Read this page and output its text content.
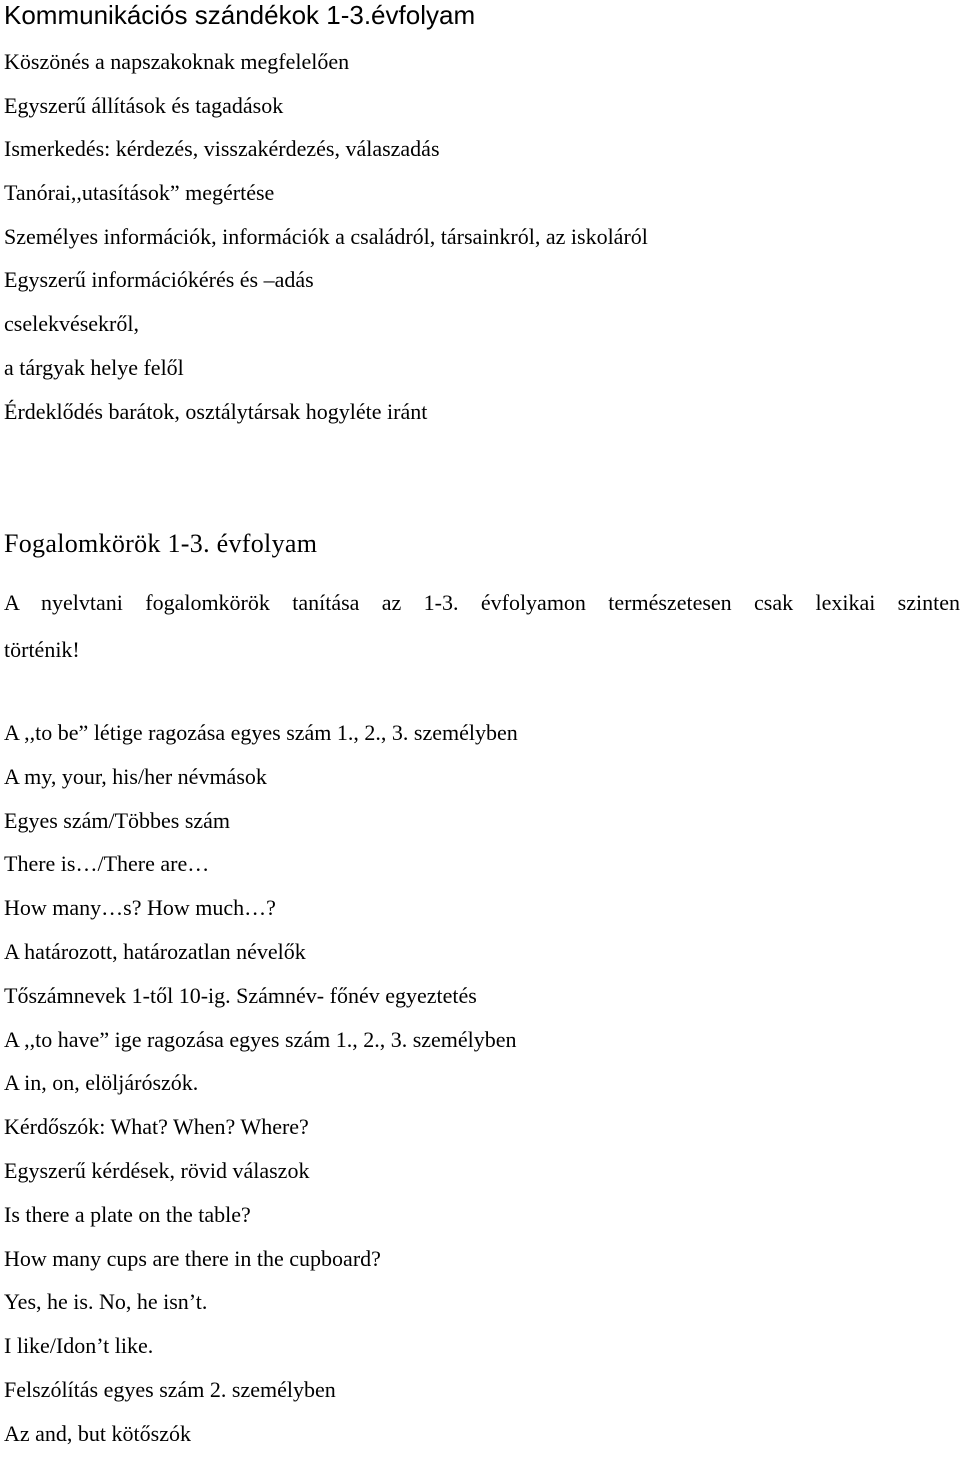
Kommunikációs szándékok 1-3.évfolyam
Köszönés a napszakoknak megfelelően
Egyszerű állítások és tagadások
Ismerkedés: kérdezés, visszakérdezés, válaszadás
Tanórai,,utasítások” megértése
Személyes információk, információk a családról, társainkról, az iskoláról
Egyszerű információkérés és –adás
cselekvésekről,
a tárgyak helye felől
Érdeklődés barátok, osztálytársak hogyléte iránt
Fogalomkörök 1-3. évfolyam

A nyelvtani fogalomkörök tanítása az 1-3. évfolyamon természetesen csak lexikai szinten
történik!

A ,,to be” létige ragozása egyes szám 1., 2., 3. személyben
A my, your, his/her névmások
Egyes szám/Többes szám
There is…/There are…
How many…s? How much…?
A határozott, határozatlan névelők
Tőszámnevek 1-től 10-ig. Számnév- főnév egyeztetés
A ,,to have” ige ragozása egyes szám 1., 2., 3. személyben
A in, on, elöljárószók.
Kérdőszók: What? When? Where?
Egyszerű kérdések, rövid válaszok
Is there a plate on the table?
How many cups are there in the cupboard?
Yes, he is. No, he isn’t.
I like/Idon’t like.
Felszólítás egyes szám 2. személyben
Az and, but kötőszók
